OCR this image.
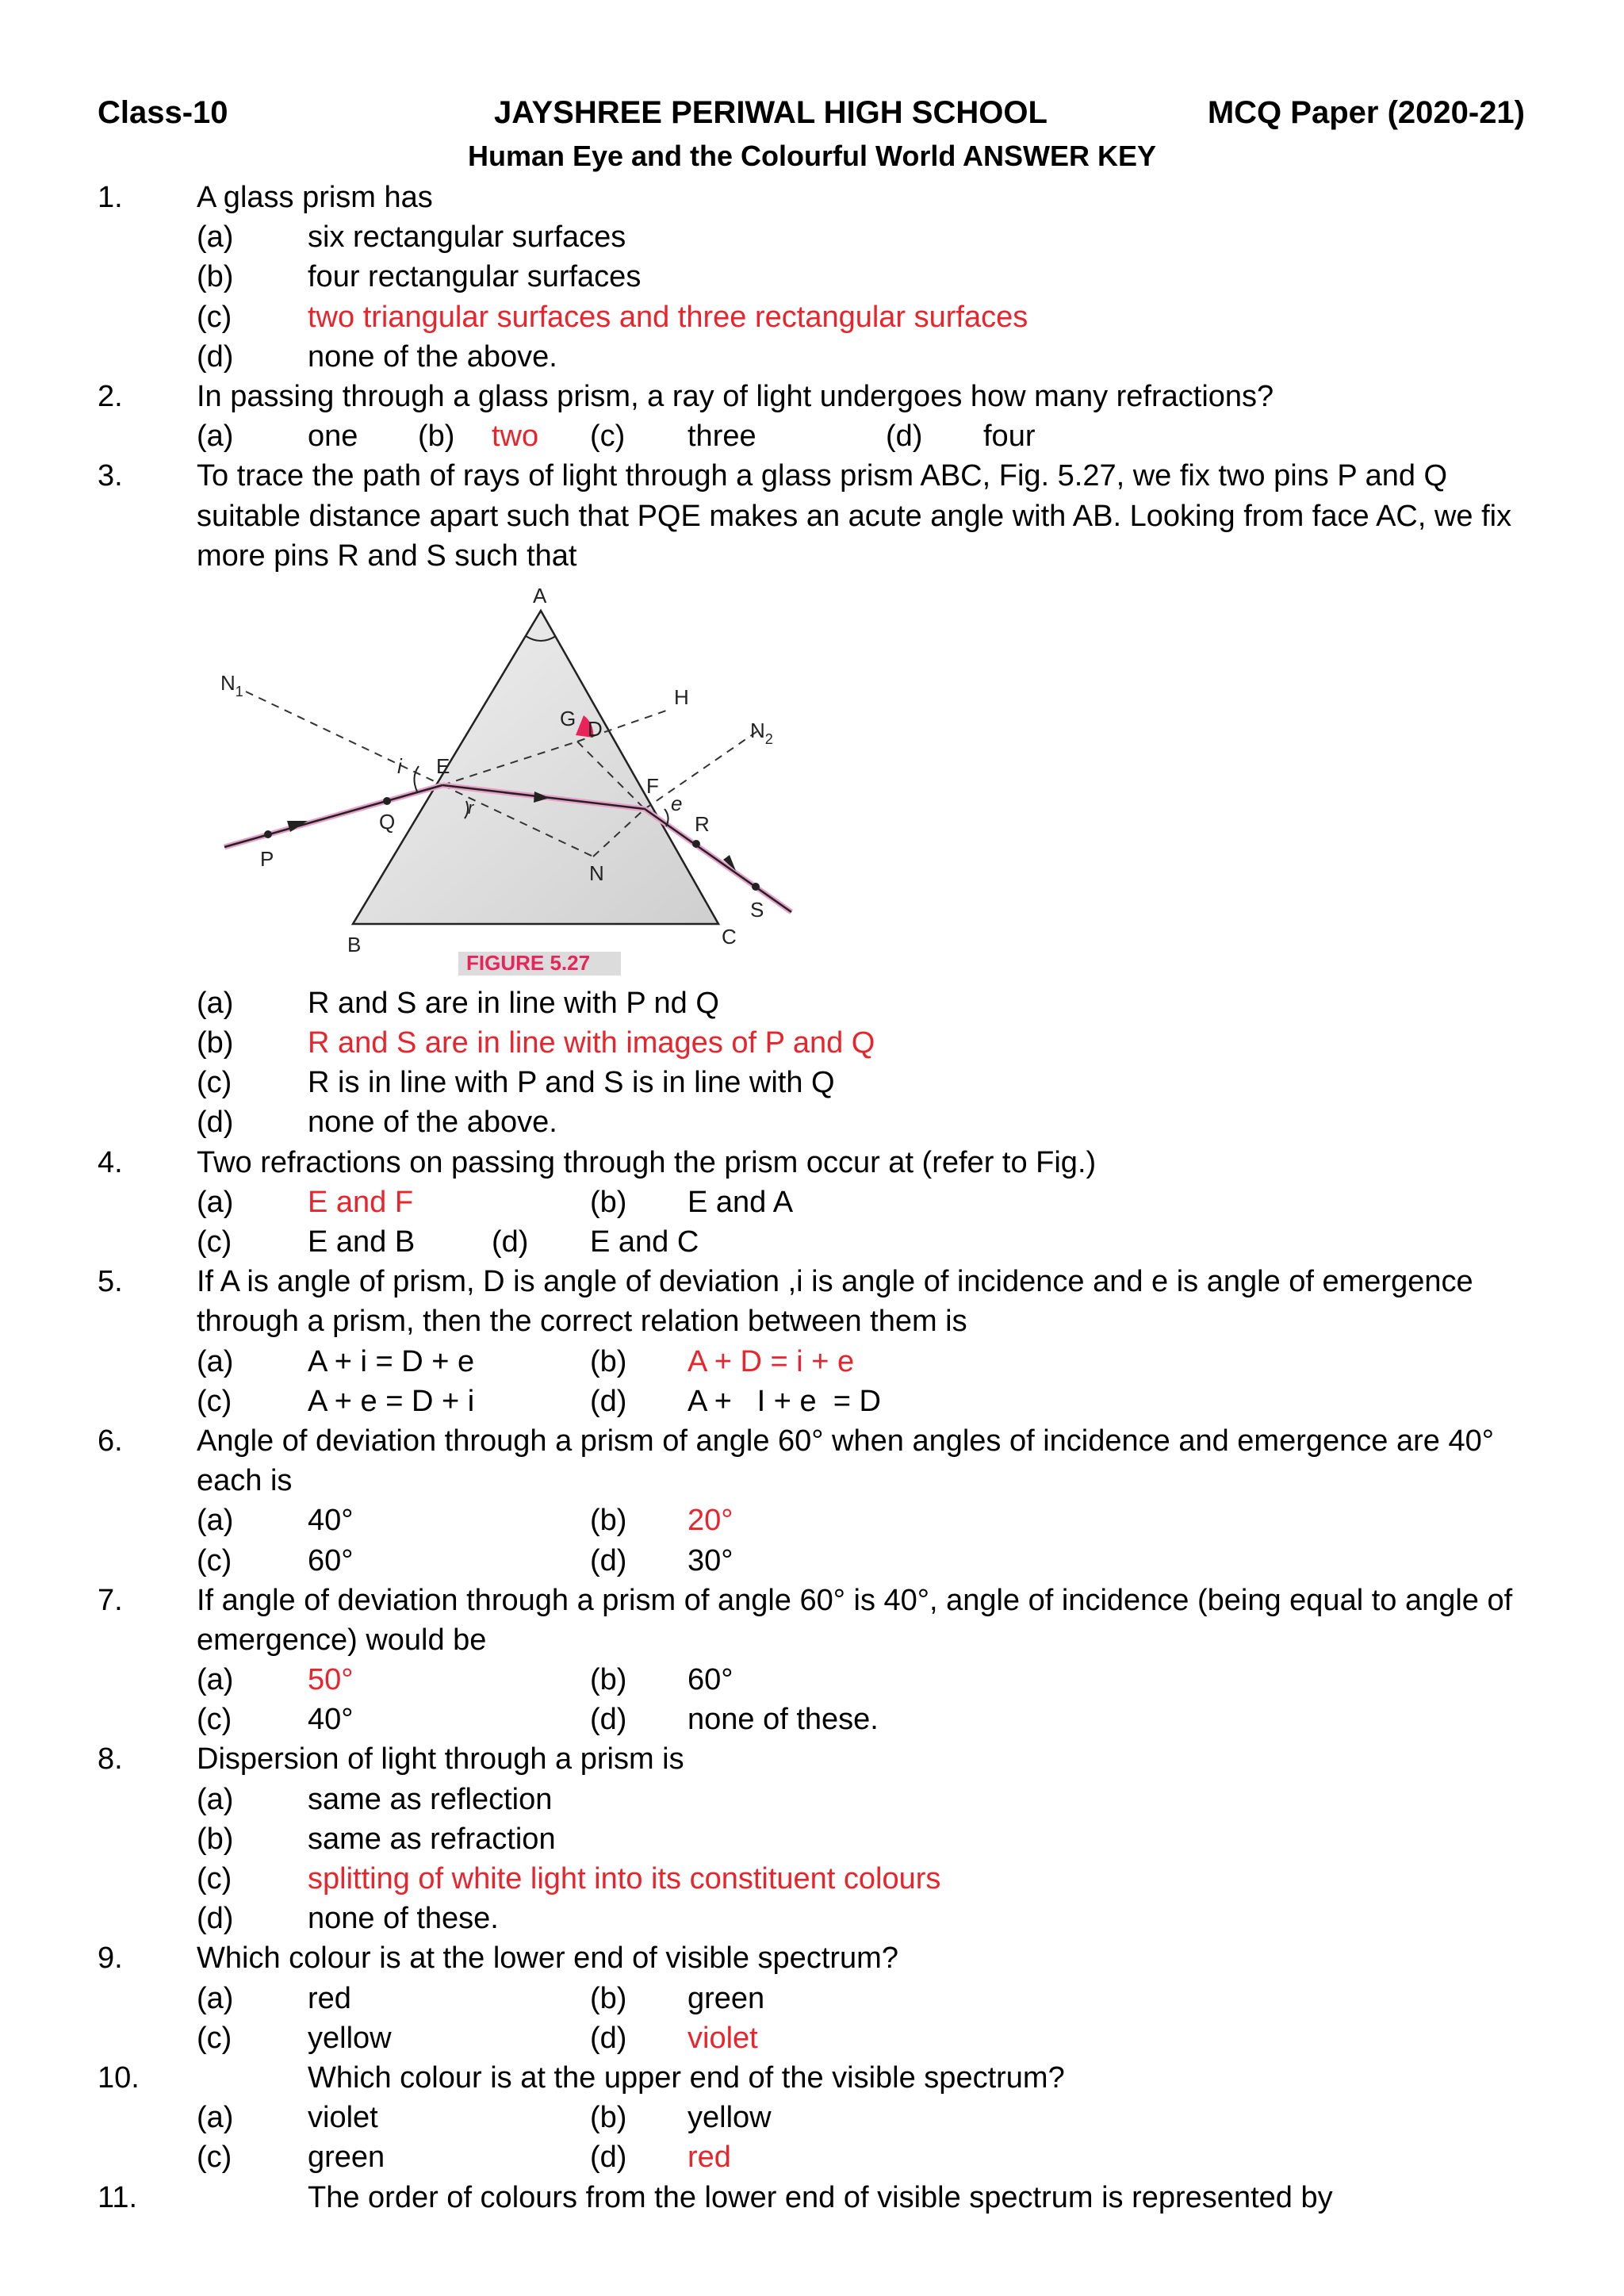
Class-10	JAYSHREE PERIWAL HIGH SCHOOL	MCQ Paper (2020-21)
Human Eye and the Colourful World ANSWER KEY
1. A glass prism has
(a) six rectangular surfaces
(b) four rectangular surfaces
(c)	two triangular surfaces and three rectangular surfaces
(d) none of the above.
2. In passing through a glass prism, a ray of light undergoes how many refractions?
(a) one (b) two (c) three	(d) four
3. To trace the path of rays of light through a glass prism ABC, Fig. 5.27, we fix two pins P and Q
suitable distance apart such that PQE makes an acute angle with AB. Looking from face AC, we fix
more pins R and S such that
A
B	C
D
E
F
G
H
N
$N_1$
$N_2$
P
Q	R
S
i
r	e
FIGURE 5.27
(a) R and S are in line with P nd Q
(b) R and S are in line with images of P and Q
(c)	R is in line with P and S is in line with Q
(d) none of the above.
4. Two refractions on passing through the prism occur at (refer to Fig.)
(a) E and F	(b) E and A
(c)	E and B	(d) E and C
5. If A is angle of prism, D is angle of deviation ,i is angle of incidence and e is angle of emergence
through a prism, then the correct relation between them is
(a) A + i = D + e	(b) A + D = i + e
(c)	A + e = D + i	(d) A +   I + e  = D
6. Angle of deviation through a prism of angle 60° when angles of incidence and emergence are 40°
each is
(a) 40°	(b) 20°
(c)	60°	(d) 30°
7. If angle of deviation through a prism of angle 60° is 40°, angle of incidence (being equal to angle of
emergence) would be
(a) 50°	(b) 60°
(c)	40°	(d) none of these.
8. Dispersion of light through a prism is
(a) same as reflection
(b) same as refraction
(c)	splitting of white light into its constituent colours
(d) none of these.
9. Which colour is at the lower end of visible spectrum?
(a) red	(b) green
(c)	yellow	(d) violet
10.	Which colour is at the upper end of the visible spectrum?
(a) violet	(b) yellow
(c)	green	(d) red
11.	The order of colours from the lower end of visible spectrum is represented by
